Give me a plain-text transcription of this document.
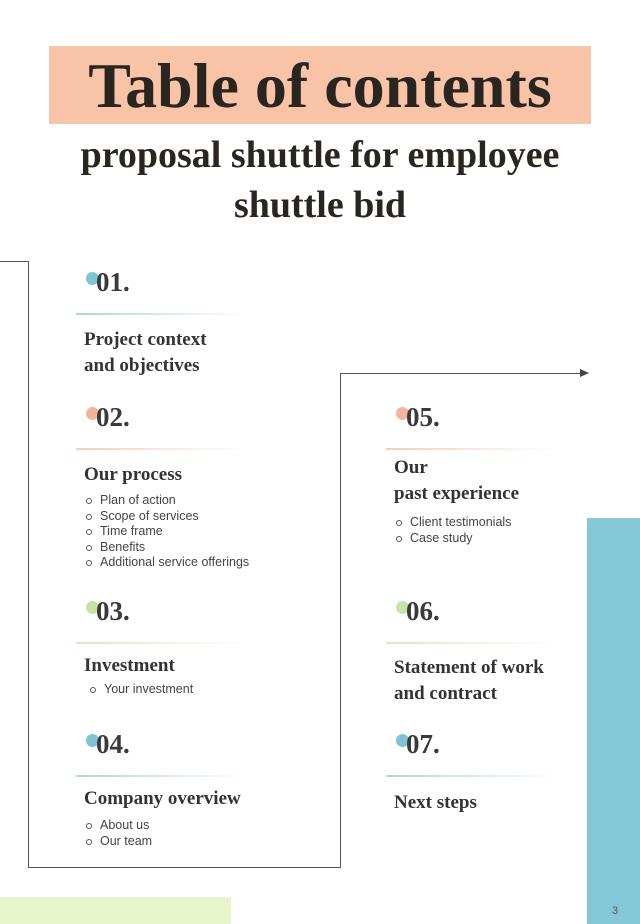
Table of contents
proposal shuttle for employee
shuttle bid
01.
Project context
and objectives
02.
Our process
Plan of action
Scope of services
Time frame
Benefits
Additional service offerings
03.
Investment
Your investment
04.
Company overview
About us
Our team
05.
Our
past experience
Client testimonials
Case study
06.
Statement of work
and contract
07.
Next steps
3
